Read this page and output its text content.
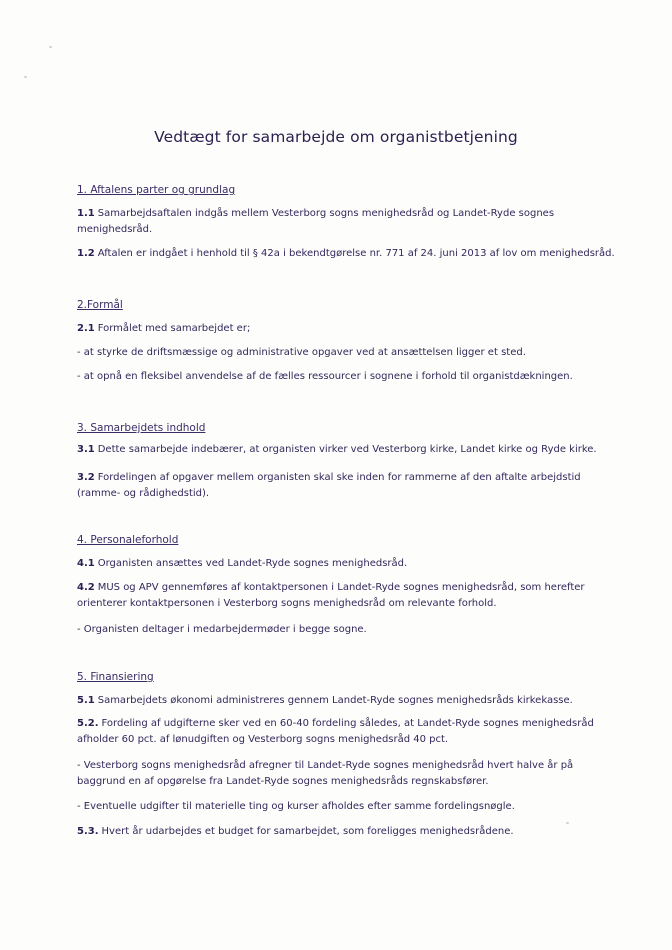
Vedtægt for samarbejde om organistbetjening
1. Aftalens parter og grundlag
1.1 Samarbejdsaftalen indgås mellem Vesterborg sogns menighedsråd og Landet-Ryde sognes
menighedsråd.
1.2 Aftalen er indgået i henhold til § 42a i bekendtgørelse nr. 771 af 24. juni 2013 af lov om menighedsråd.
2.Formål
2.1 Formålet med samarbejdet er;
- at styrke de driftsmæssige og administrative opgaver ved at ansættelsen ligger et sted.
- at opnå en fleksibel anvendelse af de fælles ressourcer i sognene i forhold til organistdækningen.
3. Samarbejdets indhold
3.1 Dette samarbejde indebærer, at organisten virker ved Vesterborg kirke, Landet kirke og Ryde kirke.
3.2 Fordelingen af opgaver mellem organisten skal ske inden for rammerne af den aftalte arbejdstid
(ramme- og rådighedstid).
4. Personaleforhold
4.1 Organisten ansættes ved Landet-Ryde sognes menighedsråd.
4.2 MUS og APV gennemføres af kontaktpersonen i Landet-Ryde sognes menighedsråd, som herefter
orienterer kontaktpersonen i Vesterborg sogns menighedsråd om relevante forhold.
- Organisten deltager i medarbejdermøder i begge sogne.
5. Finansiering
5.1 Samarbejdets økonomi administreres gennem Landet-Ryde sognes menighedsråds kirkekasse.
5.2. Fordeling af udgifterne sker ved en 60-40 fordeling således, at Landet-Ryde sognes menighedsråd
afholder 60 pct. af lønudgiften og Vesterborg sogns menighedsråd 40 pct.
- Vesterborg sogns menighedsråd afregner til Landet-Ryde sognes menighedsråd hvert halve år på
baggrund en af opgørelse fra Landet-Ryde sognes menighedsråds regnskabsfører.
- Eventuelle udgifter til materielle ting og kurser afholdes efter samme fordelingsnøgle.
5.3. Hvert år udarbejdes et budget for samarbejdet, som foreligges menighedsrådene.
